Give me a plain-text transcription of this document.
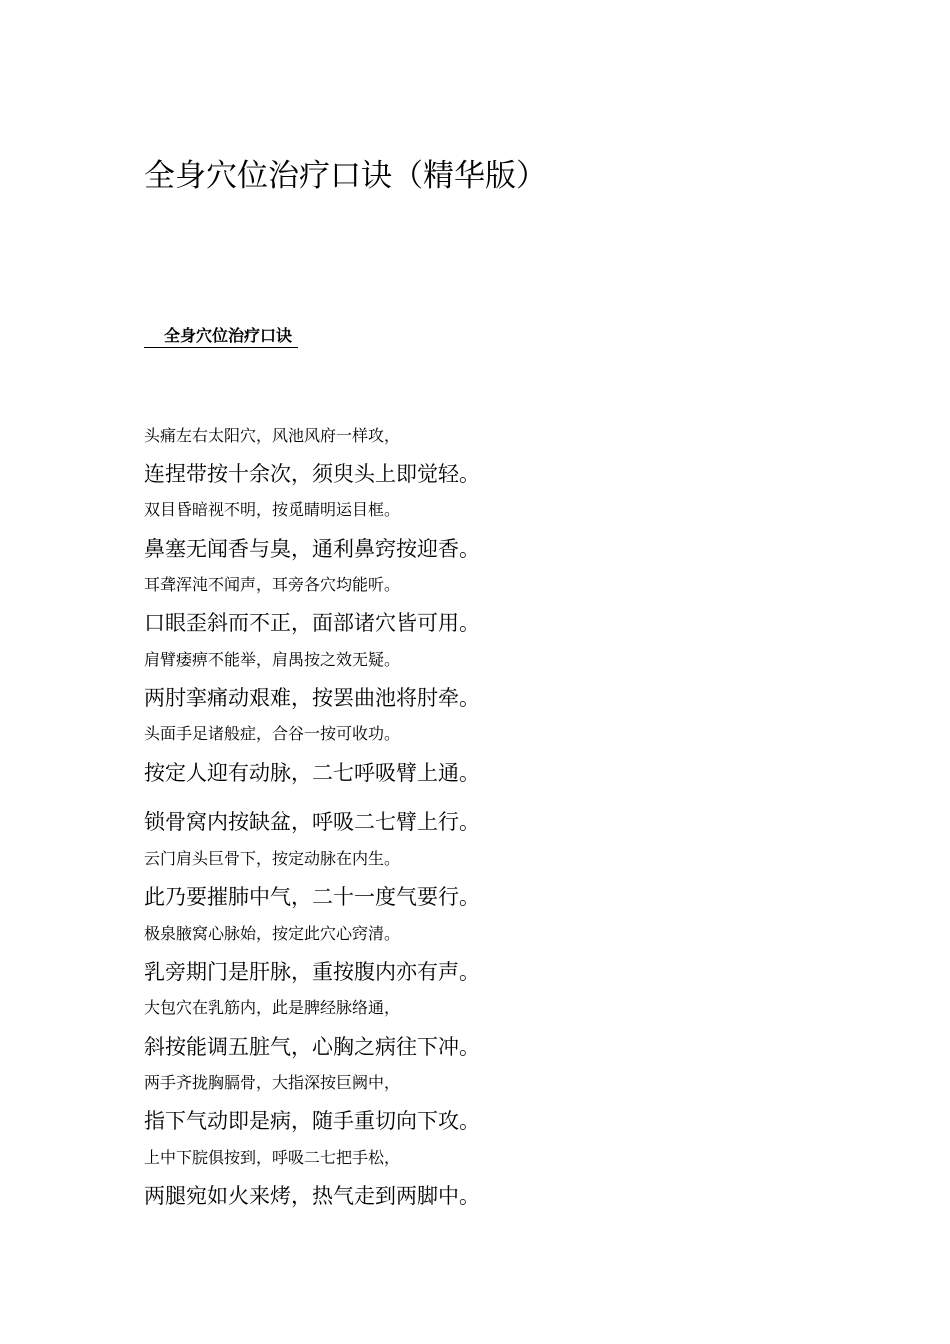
全身穴位治疗口诀（精华版）
全身穴位治疗口诀
头痛左右太阳穴，风池风府一样攻，
连捏带按十余次，须臾头上即觉轻。
双目昏暗视不明，按觅睛明运目框。
鼻塞无闻香与臭，通利鼻窍按迎香。
耳聋浑沌不闻声，耳旁各穴均能听。
口眼歪斜而不正，面部诸穴皆可用。
肩臂痿痹不能举，肩禺按之效无疑。
两肘挛痛动艰难，按罢曲池将肘牵。
头面手足诸般症，合谷一按可收功。
按定人迎有动脉，二七呼吸臂上通。
锁骨窝内按缺盆，呼吸二七臂上行。
云门肩头巨骨下，按定动脉在内生。
此乃要摧肺中气，二十一度气要行。
极泉腋窝心脉始，按定此穴心窍清。
乳旁期门是肝脉，重按腹内亦有声。
大包穴在乳筋内，此是脾经脉络通，
斜按能调五脏气，心胸之病往下冲。
两手齐拢胸膈骨，大指深按巨阙中，
指下气动即是病，随手重切向下攻。
上中下脘俱按到，呼吸二七把手松，
两腿宛如火来烤，热气走到两脚中。
